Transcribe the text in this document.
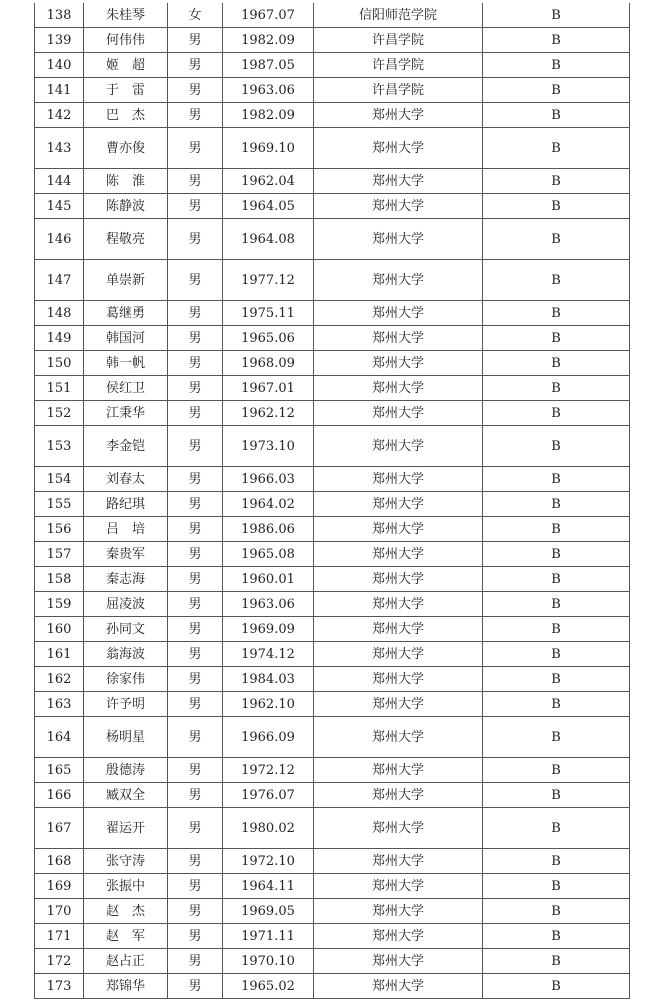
138	朱桂琴	女	1967.07	信阳师范学院	B
139	何伟伟	男	1982.09	许昌学院	B
140	姬　超	男	1987.05	许昌学院	B
141	于　雷	男	1963.06	许昌学院	B
142	巴　杰	男	1982.09	郑州大学	B
143	曹亦俊	男	1969.10	郑州大学	B
144	陈　淮	男	1962.04	郑州大学	B
145	陈静波	男	1964.05	郑州大学	B
146	程敬亮	男	1964.08	郑州大学	B
147	单崇新	男	1977.12	郑州大学	B
148	葛继勇	男	1975.11	郑州大学	B
149	韩国河	男	1965.06	郑州大学	B
150	韩一帆	男	1968.09	郑州大学	B
151	侯红卫	男	1967.01	郑州大学	B
152	江秉华	男	1962.12	郑州大学	B
153	李金铠	男	1973.10	郑州大学	B
154	刘春太	男	1966.03	郑州大学	B
155	路纪琪	男	1964.02	郑州大学	B
156	吕　培	男	1986.06	郑州大学	B
157	秦贵军	男	1965.08	郑州大学	B
158	秦志海	男	1960.01	郑州大学	B
159	屈凌波	男	1963.06	郑州大学	B
160	孙同文	男	1969.09	郑州大学	B
161	翁海波	男	1974.12	郑州大学	B
162	徐家伟	男	1984.03	郑州大学	B
163	许予明	男	1962.10	郑州大学	B
164	杨明星	男	1966.09	郑州大学	B
165	殷德涛	男	1972.12	郑州大学	B
166	臧双全	男	1976.07	郑州大学	B
167	翟运开	男	1980.02	郑州大学	B
168	张守涛	男	1972.10	郑州大学	B
169	张振中	男	1964.11	郑州大学	B
170	赵　杰	男	1969.05	郑州大学	B
171	赵　军	男	1971.11	郑州大学	B
172	赵占正	男	1970.10	郑州大学	B
173	郑锦华	男	1965.02	郑州大学	B
